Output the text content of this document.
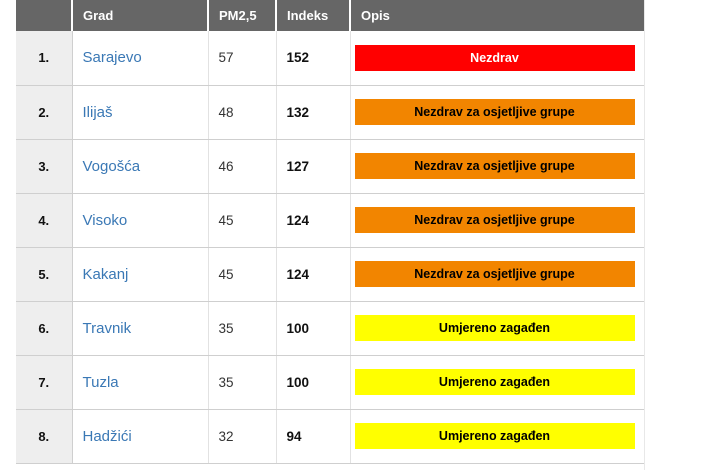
	Grad	PM2,5	Indeks	Opis
1.	Sarajevo	57	152	Nezdrav

2.	Ilijaš	48	132	Nezdrav za osjetljive grupe

3.	Vogošća	46	127	Nezdrav za osjetljive grupe

4.	Visoko	45	124	Nezdrav za osjetljive grupe

5.	Kakanj	45	124	Nezdrav za osjetljive grupe

6.	Travnik	35	100	Umjereno zagađen

7.	Tuzla	35	100	Umjereno zagađen

8.	Hadžići	32	94	Umjereno zagađen
